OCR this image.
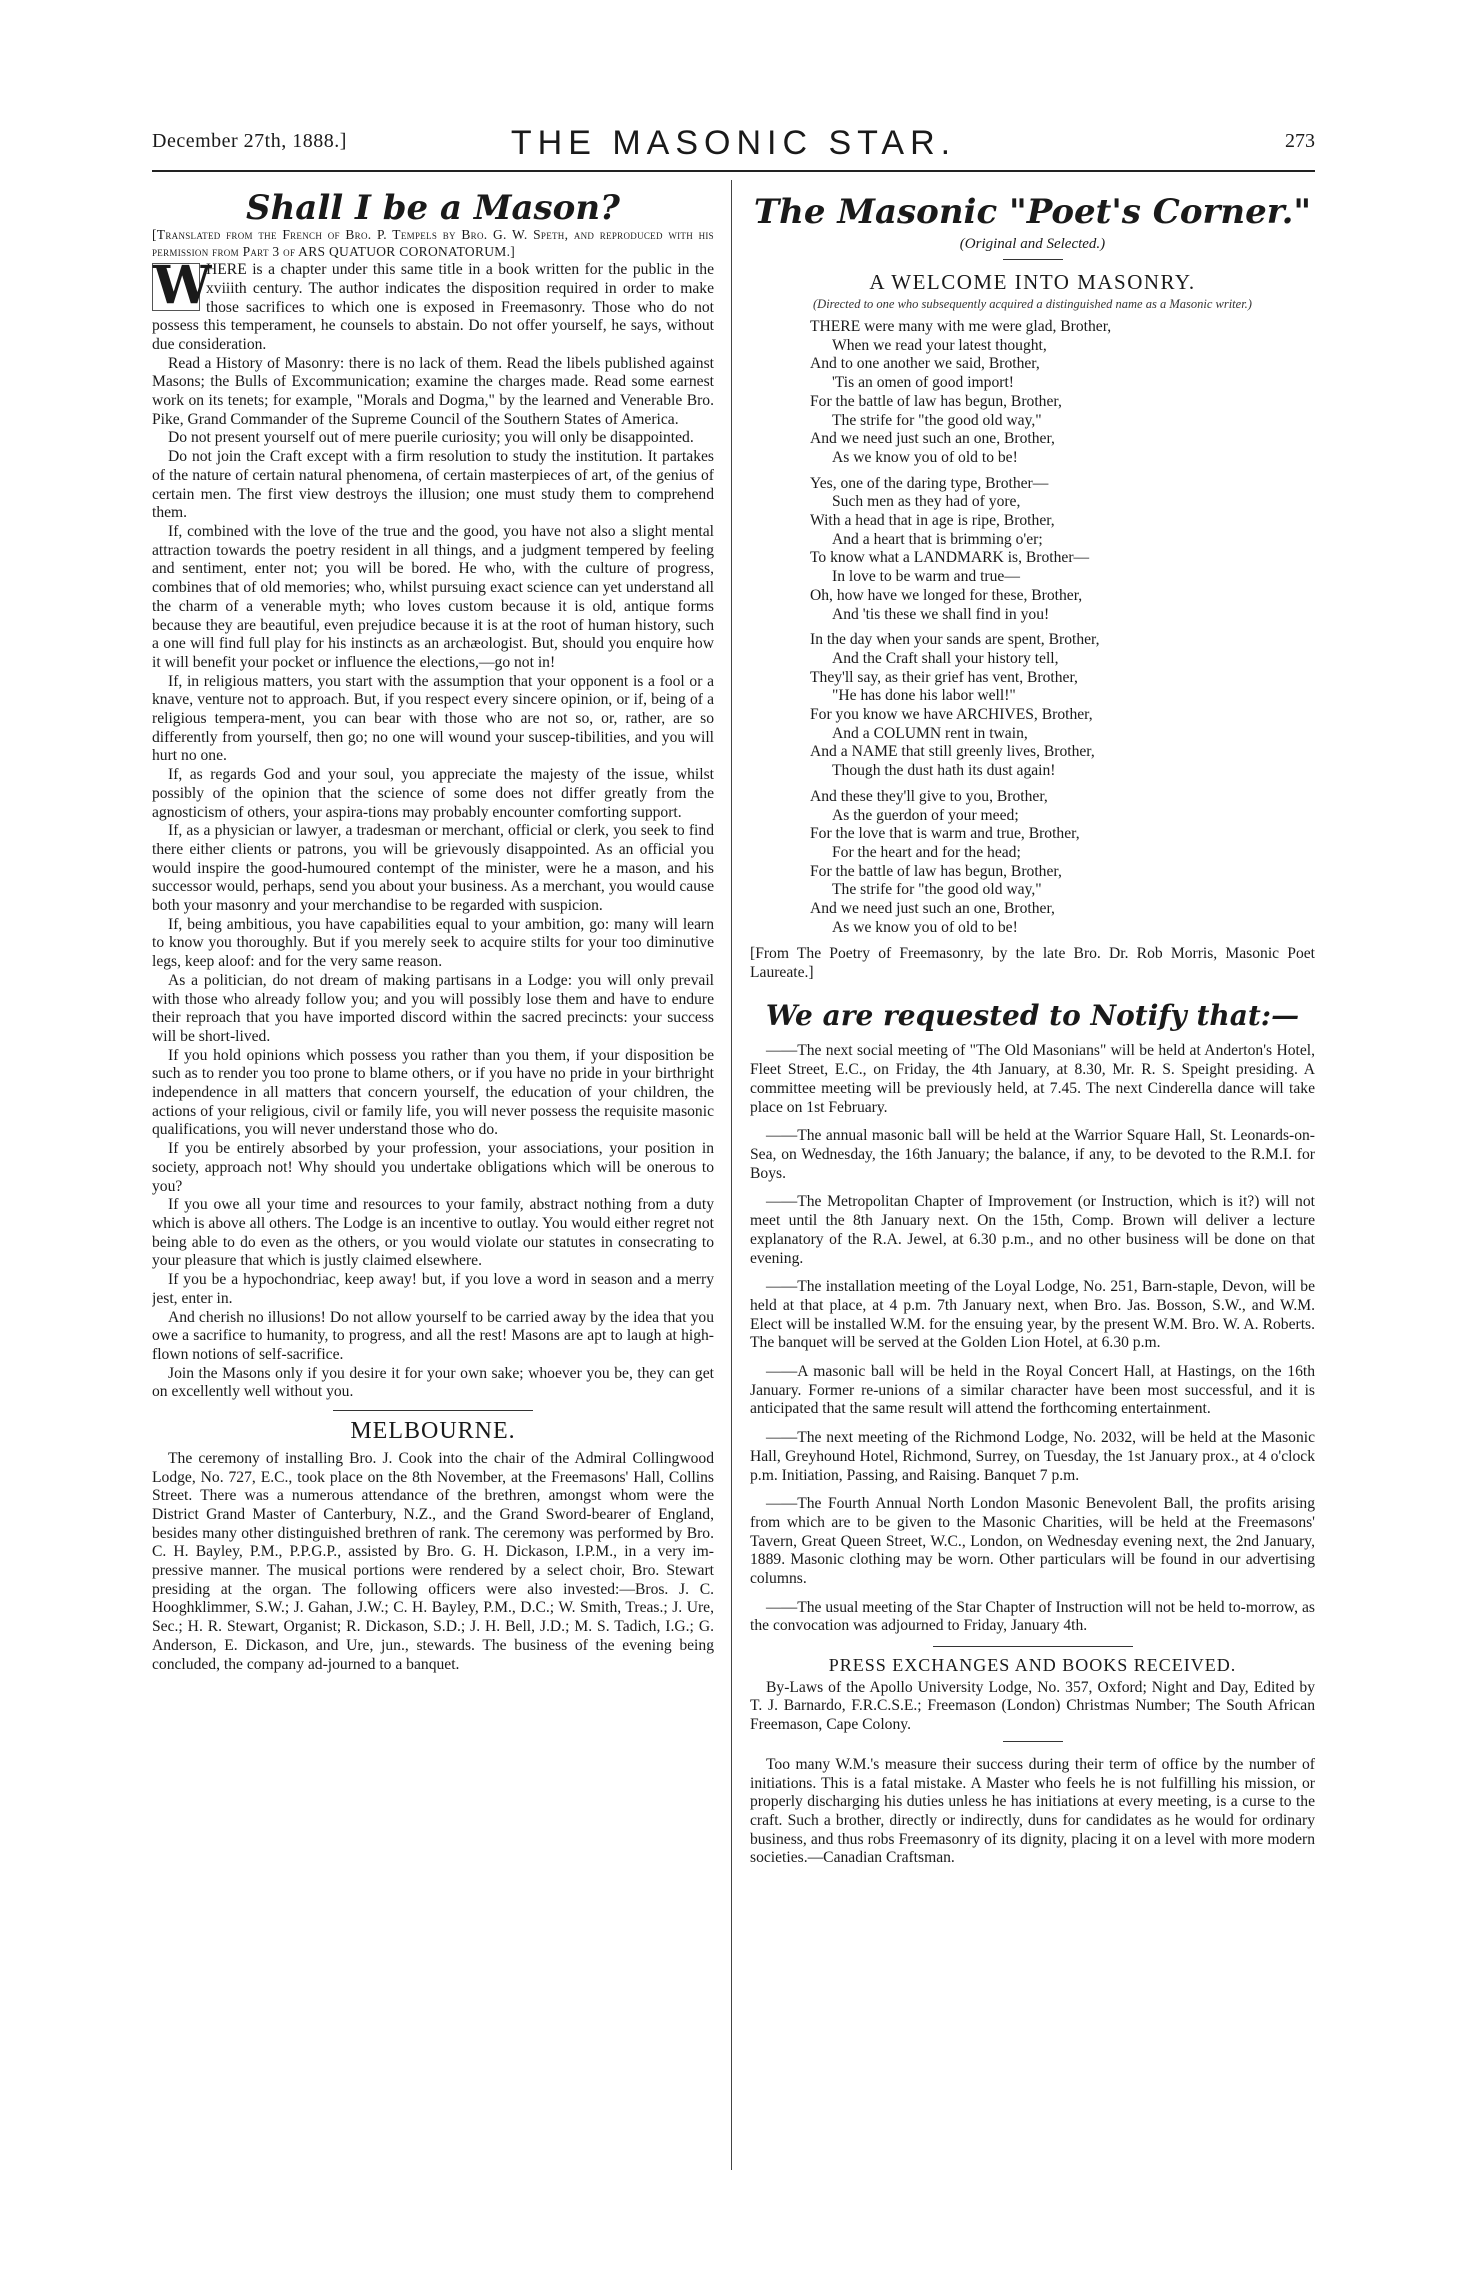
December 27th, 1888.]	THE MASONIC STAR.	273
Shall I be a Mason?

[Translated from the French of Bro. P. Tempels by Bro. G. W. Speth, and reproduced with his permission from Part 3 of ARS QUATUOR CORONATORUM.]

W
HERE is a chapter under this same title in a book written for the public in the xviiith century. The author indicates the disposition required in order to make those sacrifices to which one is exposed in Freemasonry. Those who do not possess this temperament, he counsels to abstain. Do not offer yourself, he says, without due consideration.

Read a History of Masonry: there is no lack of them. Read the libels published against Masons; the Bulls of Excommunication; examine the charges made. Read some earnest work on its tenets; for example, "Morals and Dogma," by the learned and Venerable Bro. Pike, Grand Commander of the Supreme Council of the Southern States of America.

Do not present yourself out of mere puerile curiosity; you will only be disappointed.

Do not join the Craft except with a firm resolution to study the institution. It partakes of the nature of certain natural phenomena, of certain masterpieces of art, of the genius of certain men. The first view destroys the illusion; one must study them to comprehend them.

If, combined with the love of the true and the good, you have not also a slight mental attraction towards the poetry resident in all things, and a judgment tempered by feeling and sentiment, enter not; you will be bored. He who, with the culture of progress, combines that of old memories; who, whilst pursuing exact science can yet understand all the charm of a venerable myth; who loves custom because it is old, antique forms because they are beautiful, even prejudice because it is at the root of human history, such a one will find full play for his instincts as an archæologist. But, should you enquire how it will benefit your pocket or influence the elections,—go not in!

If, in religious matters, you start with the assumption that your opponent is a fool or a knave, venture not to approach. But, if you respect every sincere opinion, or if, being of a religious tempera-ment, you can bear with those who are not so, or, rather, are so differently from yourself, then go; no one will wound your suscep-tibilities, and you will hurt no one.

If, as regards God and your soul, you appreciate the majesty of the issue, whilst possibly of the opinion that the science of some does not differ greatly from the agnosticism of others, your aspira-tions may probably encounter comforting support.

If, as a physician or lawyer, a tradesman or merchant, official or clerk, you seek to find there either clients or patrons, you will be grievously disappointed. As an official you would inspire the good-humoured contempt of the minister, were he a mason, and his successor would, perhaps, send you about your business. As a merchant, you would cause both your masonry and your merchandise to be regarded with suspicion.

If, being ambitious, you have capabilities equal to your ambition, go: many will learn to know you thoroughly. But if you merely seek to acquire stilts for your too diminutive legs, keep aloof: and for the very same reason.

As a politician, do not dream of making partisans in a Lodge: you will only prevail with those who already follow you; and you will possibly lose them and have to endure their reproach that you have imported discord within the sacred precincts: your success will be short-lived.

If you hold opinions which possess you rather than you them, if your disposition be such as to render you too prone to blame others, or if you have no pride in your birthright independence in all matters that concern yourself, the education of your children, the actions of your religious, civil or family life, you will never possess the requisite masonic qualifications, you will never understand those who do.

If you be entirely absorbed by your profession, your associations, your position in society, approach not! Why should you undertake obligations which will be onerous to you?

If you owe all your time and resources to your family, abstract nothing from a duty which is above all others. The Lodge is an incentive to outlay. You would either regret not being able to do even as the others, or you would violate our statutes in consecrating to your pleasure that which is justly claimed elsewhere.

If you be a hypochondriac, keep away! but, if you love a word in season and a merry jest, enter in.

And cherish no illusions! Do not allow yourself to be carried away by the idea that you owe a sacrifice to humanity, to progress, and all the rest! Masons are apt to laugh at high-flown notions of self-sacrifice.

Join the Masons only if you desire it for your own sake; whoever you be, they can get on excellently well without you.

MELBOURNE.

The ceremony of installing Bro. J. Cook into the chair of the Admiral Collingwood Lodge, No. 727, E.C., took place on the 8th November, at the Freemasons' Hall, Collins Street. There was a numerous attendance of the brethren, amongst whom were the District Grand Master of Canterbury, N.Z., and the Grand Sword-bearer of England, besides many other distinguished brethren of rank. The ceremony was performed by Bro. C. H. Bayley, P.M., P.P.G.P., assisted by Bro. G. H. Dickason, I.P.M., in a very im-pressive manner. The musical portions were rendered by a select choir, Bro. Stewart presiding at the organ. The following officers were also invested:—Bros. J. C. Hooghklimmer, S.W.; J. Gahan, J.W.; C. H. Bayley, P.M., D.C.; W. Smith, Treas.; J. Ure, Sec.; H. R. Stewart, Organist; R. Dickason, S.D.; J. H. Bell, J.D.; M. S. Tadich, I.G.; G. Anderson, E. Dickason, and Ure, jun., stewards. The business of the evening being concluded, the company ad-journed to a banquet.

The Masonic "Poet's Corner."

(Original and Selected.)

A WELCOME INTO MASONRY.

(Directed to one who subsequently acquired a distinguished name as a Masonic writer.)

THERE were many with me were glad, Brother,
When we read your latest thought,
And to one another we said, Brother,
'Tis an omen of good import!
For the battle of law has begun, Brother,
The strife for "the good old way,"
And we need just such an one, Brother,
As we know you of old to be!
Yes, one of the daring type, Brother—
Such men as they had of yore,
With a head that in age is ripe, Brother,
And a heart that is brimming o'er;
To know what a LANDMARK is, Brother—
In love to be warm and true—
Oh, how have we longed for these, Brother,
And 'tis these we shall find in you!
In the day when your sands are spent, Brother,
And the Craft shall your history tell,
They'll say, as their grief has vent, Brother,
"He has done his labor well!"
For you know we have ARCHIVES, Brother,
And a COLUMN rent in twain,
And a NAME that still greenly lives, Brother,
Though the dust hath its dust again!
And these they'll give to you, Brother,
As the guerdon of your meed;
For the love that is warm and true, Brother,
For the heart and for the head;
For the battle of law has begun, Brother,
The strife for "the good old way,"
And we need just such an one, Brother,
As we know you of old to be!

[From The Poetry of Freemasonry, by the late Bro. Dr. Rob Morris, Masonic Poet Laureate.]

We are requested to Notify that:—

——The next social meeting of "The Old Masonians" will be held at Anderton's Hotel, Fleet Street, E.C., on Friday, the 4th January, at 8.30, Mr. R. S. Speight presiding. A committee meeting will be previously held, at 7.45. The next Cinderella dance will take place on 1st February.

——The annual masonic ball will be held at the Warrior Square Hall, St. Leonards-on-Sea, on Wednesday, the 16th January; the balance, if any, to be devoted to the R.M.I. for Boys.

——The Metropolitan Chapter of Improvement (or Instruction, which is it?) will not meet until the 8th January next. On the 15th, Comp. Brown will deliver a lecture explanatory of the R.A. Jewel, at 6.30 p.m., and no other business will be done on that evening.

——The installation meeting of the Loyal Lodge, No. 251, Barn-staple, Devon, will be held at that place, at 4 p.m. 7th January next, when Bro. Jas. Bosson, S.W., and W.M. Elect will be installed W.M. for the ensuing year, by the present W.M. Bro. W. A. Roberts. The banquet will be served at the Golden Lion Hotel, at 6.30 p.m.

——A masonic ball will be held in the Royal Concert Hall, at Hastings, on the 16th January. Former re-unions of a similar character have been most successful, and it is anticipated that the same result will attend the forthcoming entertainment.

——The next meeting of the Richmond Lodge, No. 2032, will be held at the Masonic Hall, Greyhound Hotel, Richmond, Surrey, on Tuesday, the 1st January prox., at 4 o'clock p.m. Initiation, Passing, and Raising. Banquet 7 p.m.

——The Fourth Annual North London Masonic Benevolent Ball, the profits arising from which are to be given to the Masonic Charities, will be held at the Freemasons' Tavern, Great Queen Street, W.C., London, on Wednesday evening next, the 2nd January, 1889. Masonic clothing may be worn. Other particulars will be found in our advertising columns.

——The usual meeting of the Star Chapter of Instruction will not be held to-morrow, as the convocation was adjourned to Friday, January 4th.

PRESS EXCHANGES AND BOOKS RECEIVED.

By-Laws of the Apollo University Lodge, No. 357, Oxford; Night and Day, Edited by T. J. Barnardo, F.R.C.S.E.; Freemason (London) Christmas Number; The South African Freemason, Cape Colony.

Too many W.M.'s measure their success during their term of office by the number of initiations. This is a fatal mistake. A Master who feels he is not fulfilling his mission, or properly discharging his duties unless he has initiations at every meeting, is a curse to the craft. Such a brother, directly or indirectly, duns for candidates as he would for ordinary business, and thus robs Freemasonry of its dignity, placing it on a level with more modern societies.—Canadian Craftsman.
